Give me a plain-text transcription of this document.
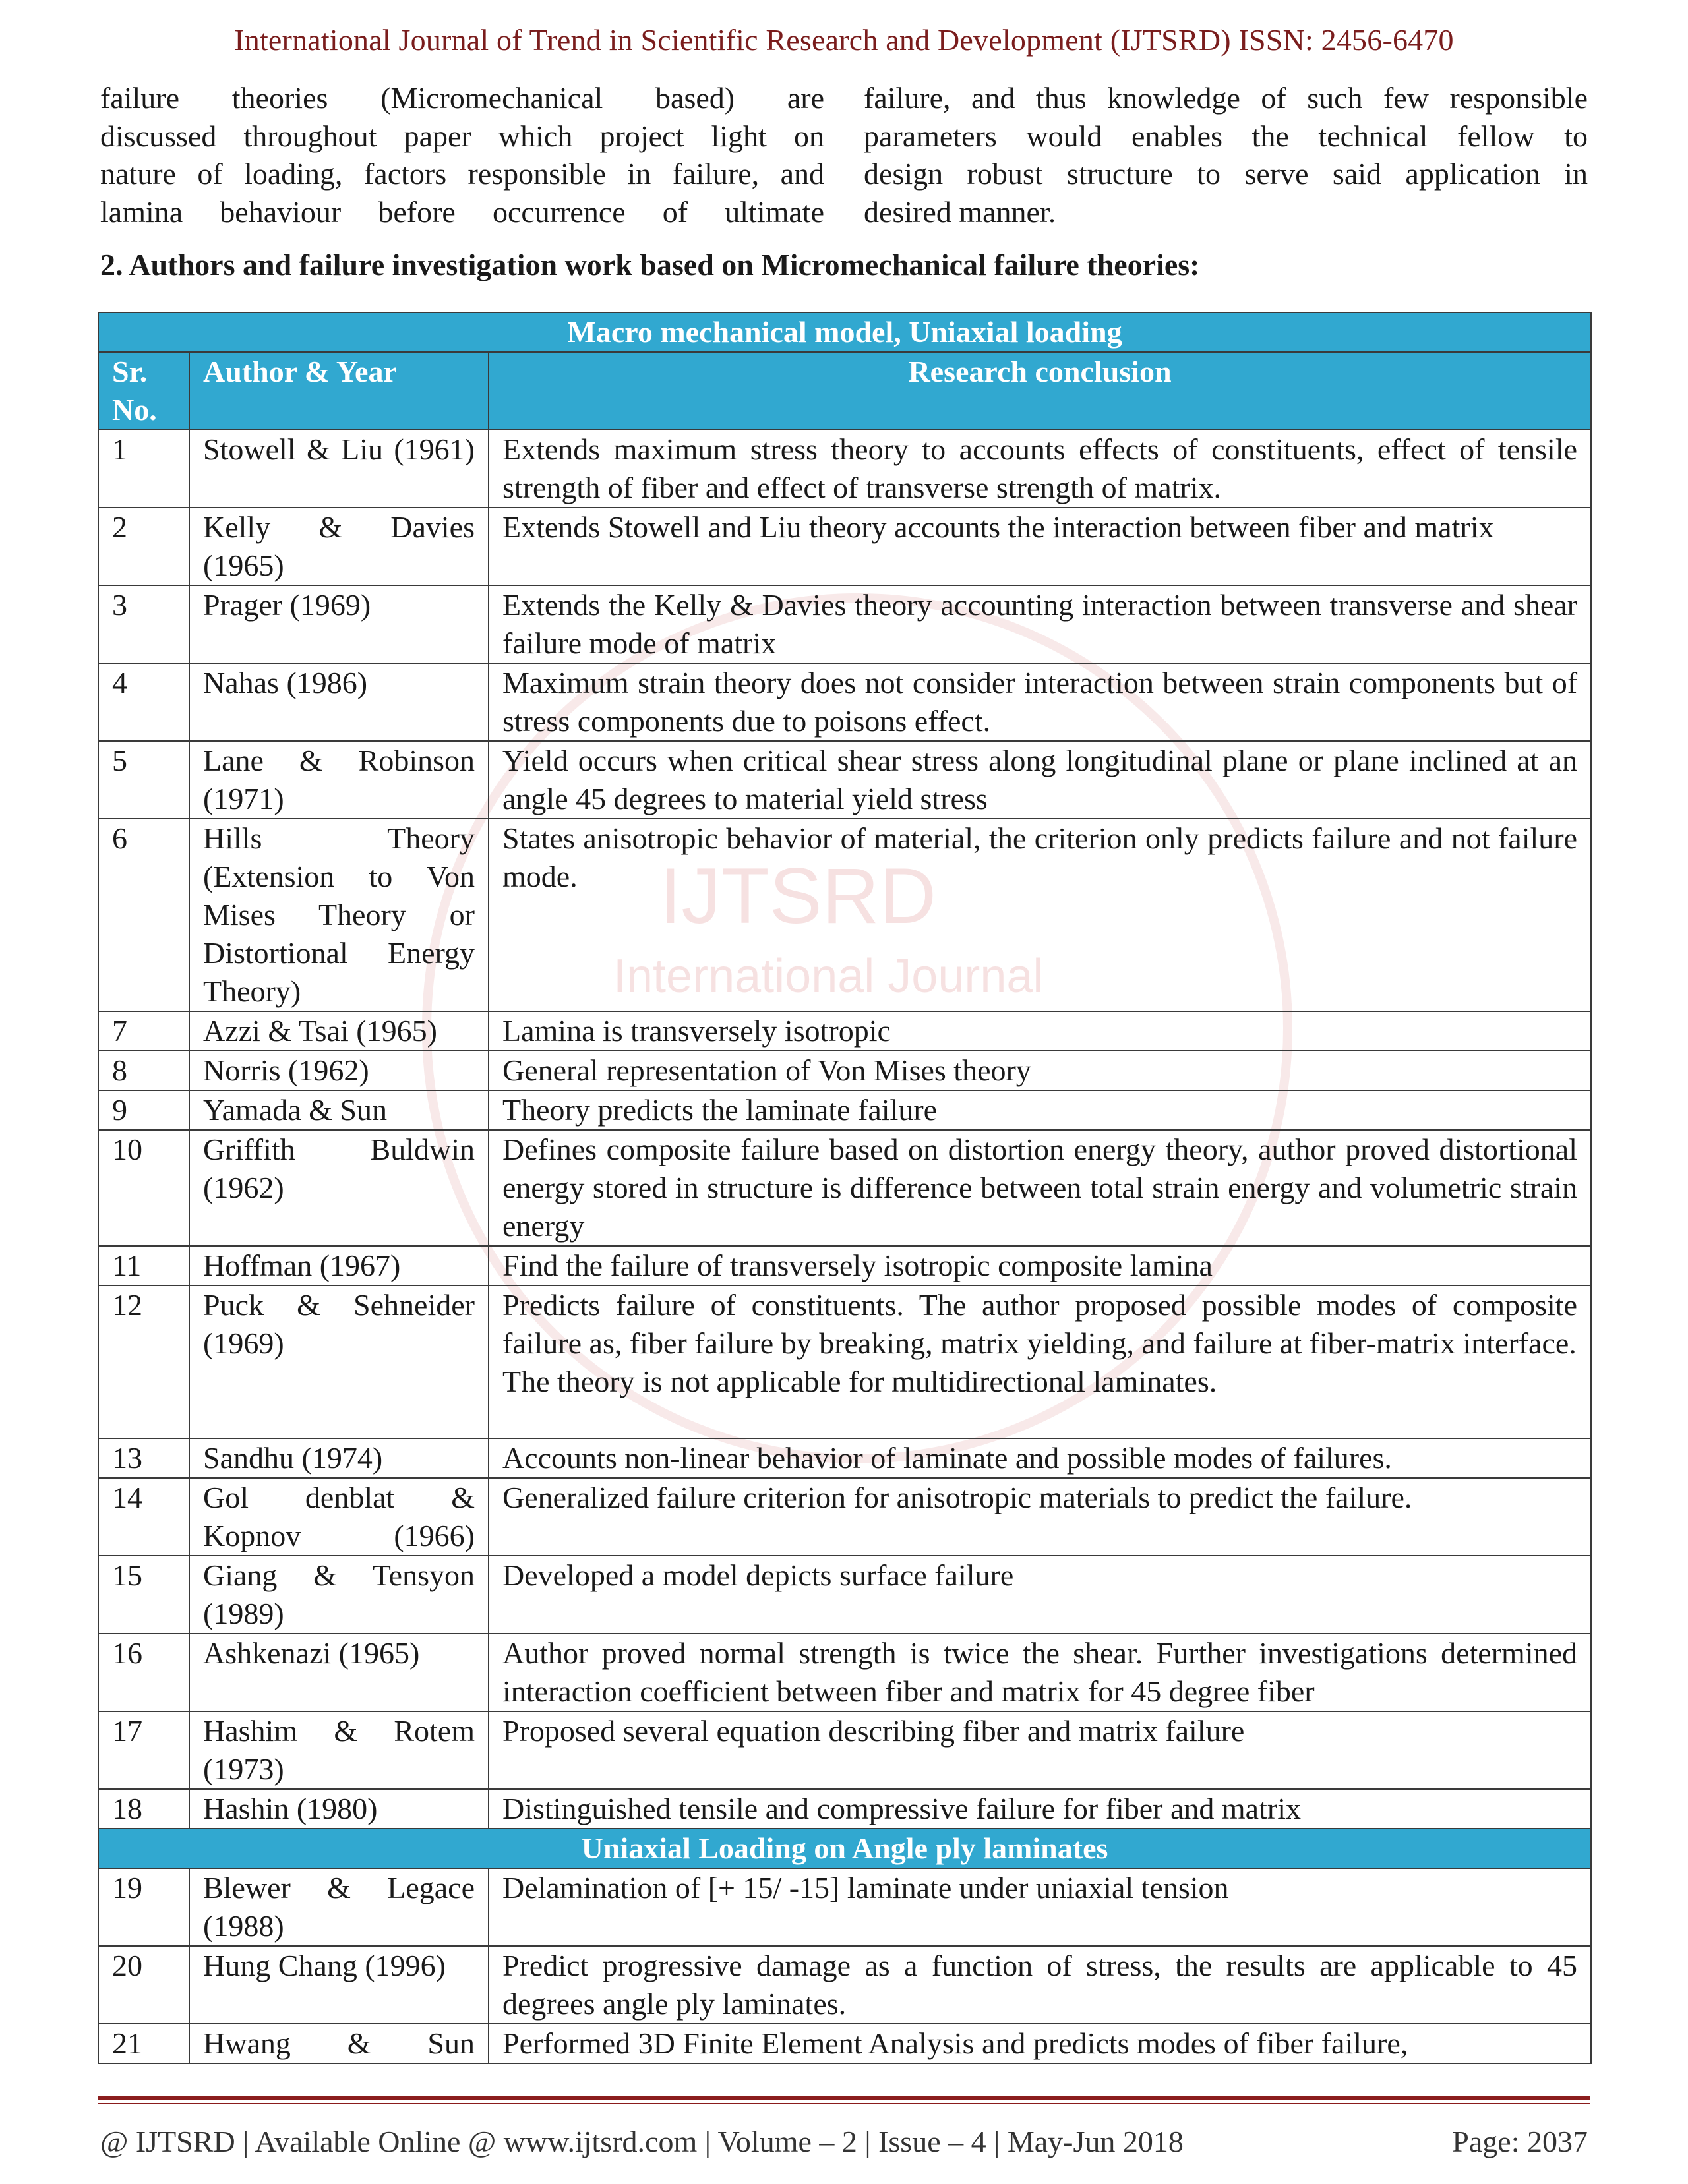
IJTSRD
International Journal
International Journal of Trend in Scientific Research and Development (IJTSRD) ISSN: 2456-6470
failure theories (Micromechanical based) are
discussed throughout paper which project light on
nature of loading, factors responsible in failure, and
lamina behaviour before occurrence of ultimate
failure, and thus knowledge of such few responsible
parameters would enables the technical fellow to
design robust structure to serve said application in
desired manner.
2. Authors and failure investigation work based on Micromechanical failure theories:
Macro mechanical model, Uniaxial loading		
Sr. No.	Author & Year	Research conclusion
1	Stowell & Liu (1961)	Extends maximum stress theory to accounts effects of constituents, effect of tensile strength of fiber and effect of transverse strength of matrix.
2	Kelly & Davies (1965)	Extends Stowell and Liu theory accounts the interaction between fiber and matrix
3	Prager (1969)	Extends the Kelly & Davies theory accounting interaction between transverse and shear failure mode of matrix
4	Nahas (1986)	Maximum strain theory does not consider interaction between strain components but of stress components due to poisons effect.
5	Lane & Robinson (1971)	Yield occurs when critical shear stress along longitudinal plane or plane inclined at an angle 45 degrees to material yield stress
6	Hills Theory (Extension to Von Mises Theory or Distortional Energy Theory)	States anisotropic behavior of material, the criterion only predicts failure and not failure mode.
7	Azzi & Tsai (1965)	Lamina is transversely isotropic
8	Norris (1962)	General representation of Von Mises theory
9	Yamada & Sun	Theory predicts the laminate failure
10	Griffith Buldwin (1962)	Defines composite failure based on distortion energy theory, author proved distortional energy stored in structure is difference between total strain energy and volumetric strain energy
11	Hoffman (1967)	Find the failure of transversely isotropic composite lamina
12	Puck & Sehneider (1969)	Predicts failure of constituents. The author proposed possible modes of composite failure as, fiber failure by breaking, matrix yielding, and failure at fiber-matrix interface.
The theory is not applicable for multidirectional laminates.

13	Sandhu (1974)	Accounts non-linear behavior of laminate and possible modes of failures.
14	Gol denblat & Kopnov (1966)	Generalized failure criterion for anisotropic materials to predict the failure.
15	Giang & Tensyon (1989)	Developed a model depicts surface failure
16	Ashkenazi (1965)	Author proved normal strength is twice the shear. Further investigations determined interaction coefficient between fiber and matrix for 45 degree fiber
17	Hashim & Rotem (1973)	Proposed several equation describing fiber and matrix failure
18	Hashin (1980)	Distinguished tensile and compressive failure for fiber and matrix
Uniaxial Loading on Angle ply laminates		
19	Blewer & Legace (1988)	Delamination of [+ 15/ -15] laminate under uniaxial tension
20	Hung Chang (1996)	Predict progressive damage as a function of stress, the results are applicable to 45 degrees angle ply laminates.
21	Hwang & Sun	Performed 3D Finite Element Analysis and predicts modes of fiber failure,
@ IJTSRD | Available Online @ www.ijtsrd.com | Volume – 2 | Issue – 4 | May-Jun 2018	Page: 2037
